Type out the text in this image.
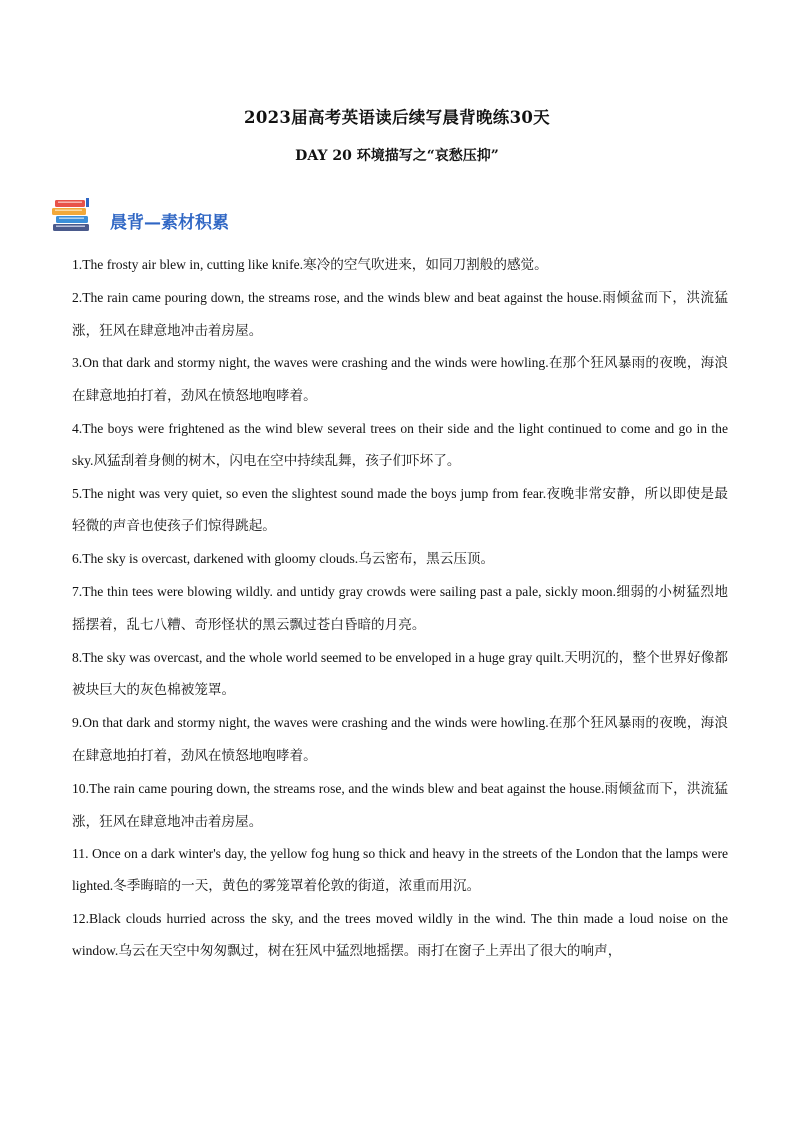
2023届高考英语读后续写晨背晚练30天
DAY 20 环境描写之“哀愁压抑”
晨背—素材积累

1.The frosty air blew in, cutting like knife.寒冷的空气吹进来，如同刀割般的感觉。

2.The rain came pouring down, the streams rose, and the winds blew and beat against the house.雨倾盆而下，洪流猛涨，狂风在肆意地冲击着房屋。

3.On that dark and stormy night, the waves were crashing and the winds were howling.在那个狂风暴雨的夜晚，海浪在肆意地拍打着，劲风在愤怒地咆哮着。

4.The boys were frightened as the wind blew several trees on their side and the light continued to come and go in the sky.风猛刮着身侧的树木，闪电在空中持续乱舞，孩子们吓坏了。

5.The night was very quiet, so even the slightest sound made the boys jump from fear.夜晚非常安静，所以即使是最轻微的声音也使孩子们惊得跳起。

6.The sky is overcast, darkened with gloomy clouds.乌云密布，黑云压顶。

7.The thin tees were blowing wildly. and untidy gray crowds were sailing past a pale, sickly moon.细弱的小树猛烈地摇摆着，乱七八糟、奇形怪状的黑云飘过苍白昏暗的月亮。

8.The sky was overcast, and the whole world seemed to be enveloped in a huge gray quilt.天明沉的，整个世界好像都被块巨大的灰色棉被笼罩。

9.On that dark and stormy night, the waves were crashing and the winds were howling.在那个狂风暴雨的夜晚，海浪在肆意地拍打着，劲风在愤怒地咆哮着。

10.The rain came pouring down, the streams rose, and the winds blew and beat against the house.雨倾盆而下，洪流猛涨，狂风在肆意地冲击着房屋。

11. Once on a dark winter's day, the yellow fog hung so thick and heavy in the streets of the London that the lamps were lighted.冬季晦暗的一天，黄色的雾笼罩着伦敦的街道，浓重而用沉。

12.Black clouds hurried across the sky, and the trees moved wildly in the wind. The thin made a loud noise on the window.乌云在天空中匆匆飘过，树在狂风中猛烈地摇摆。雨打在窗子上弄出了很大的响声，
